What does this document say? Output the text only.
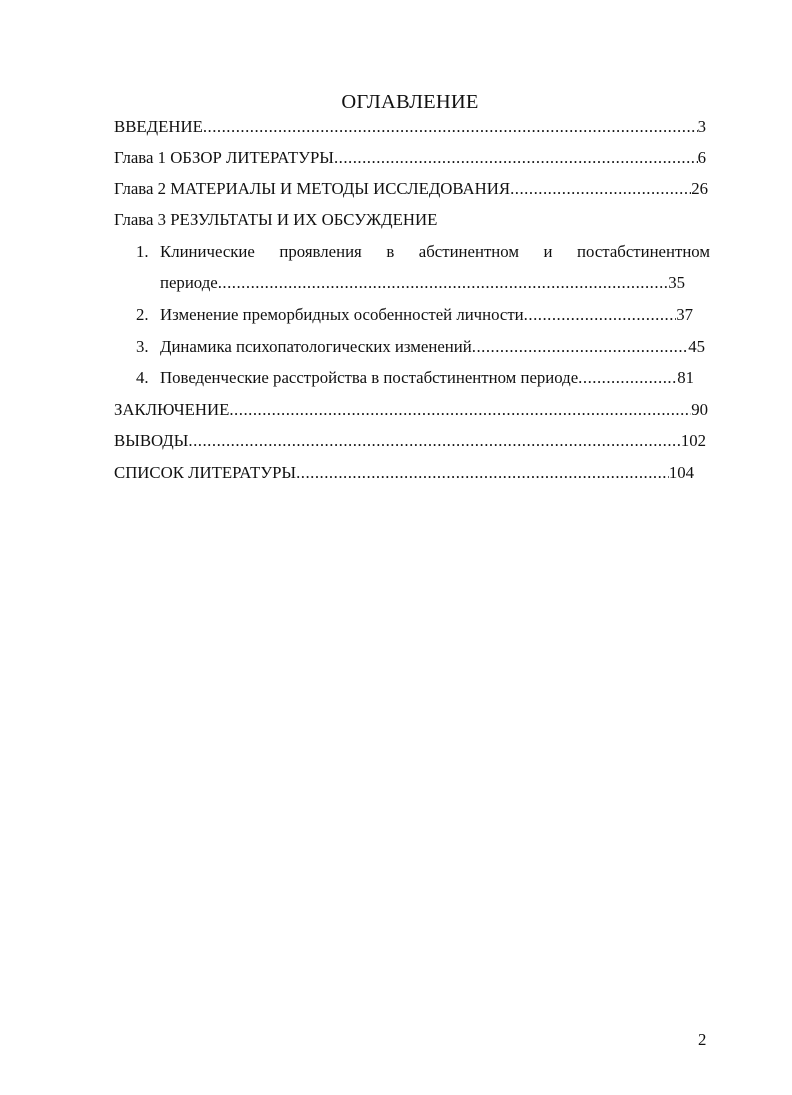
ОГЛАВЛЕНИЕ
ВВЕДЕНИЕ .....	3
Глава 1 ОБЗОР ЛИТЕРАТУРЫ .....	6
Глава 2 МАТЕРИАЛЫ И МЕТОДЫ ИССЛЕДОВАНИЯ .....	26
Глава 3 РЕЗУЛЬТАТЫ И ИХ ОБСУЖДЕНИЕ
1. Клинические проявления в абстинентном и постабстинентном
периоде .....	35
2. Изменение преморбидных особенностей личности .....	37
3. Динамика психопатологических изменений .....	45
4. Поведенческие расстройства в постабстинентном периоде .....	81
ЗАКЛЮЧЕНИЕ .....	90
ВЫВОДЫ .....	102
СПИСОК ЛИТЕРАТУРЫ .....	104
2
